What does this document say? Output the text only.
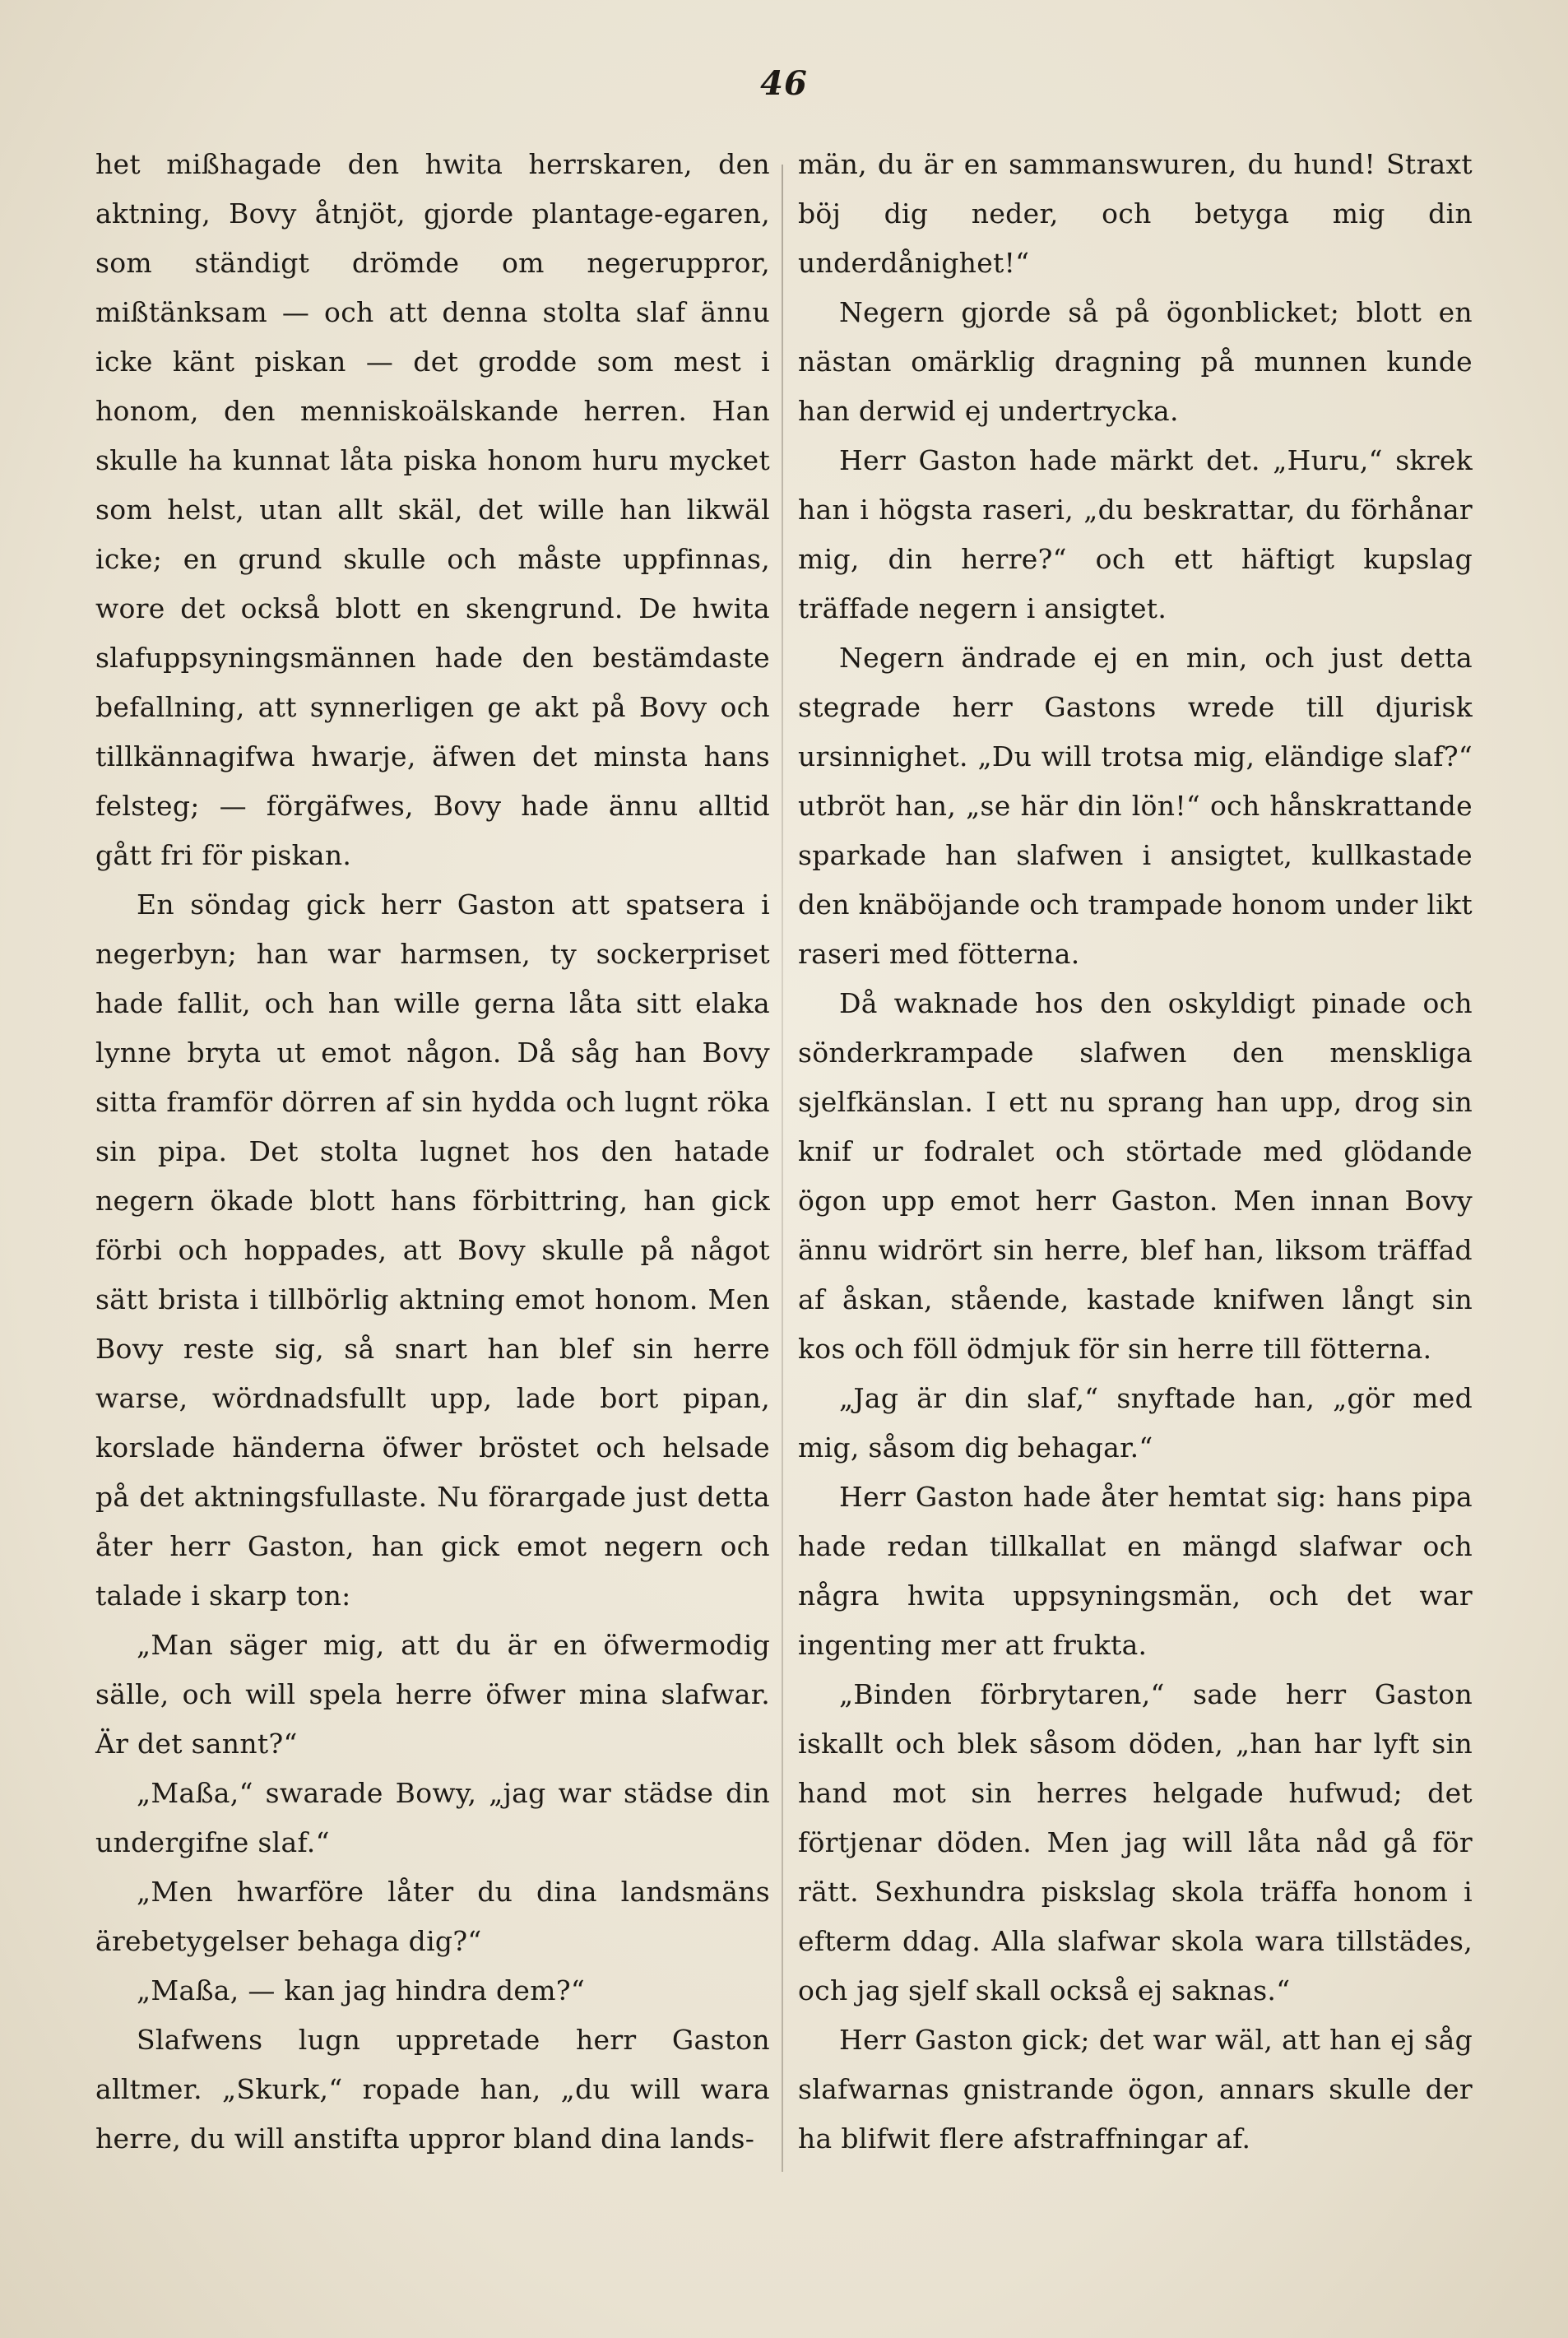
46

het mißhagade den hwita herrskaren, den aktning, Bovy åtnjöt, gjorde plantage-egaren, som ständigt drömde om negeruppror, mißtänksam — och att denna stolta slaf ännu icke känt piskan — det grodde som mest i honom, den menniskoälskande herren. Han skulle ha kunnat låta piska honom huru mycket som helst, utan allt skäl, det wille han likwäl icke; en grund skulle och måste uppfinnas, wore det också blott en skengrund. De hwita slafuppsyningsmännen hade den bestämdaste befallning, att synnerligen ge akt på Bovy och tillkännagifwa hwarje, äfwen det minsta hans felsteg; — förgäfwes, Bovy hade ännu alltid gått fri för piskan.

En söndag gick herr Gaston att spatsera i negerbyn; han war harmsen, ty sockerpriset hade fallit, och han wille gerna låta sitt elaka lynne bryta ut emot någon. Då såg han Bovy sitta framför dörren af sin hydda och lugnt röka sin pipa. Det stolta lugnet hos den hatade negern ökade blott hans förbittring, han gick förbi och hoppades, att Bovy skulle på något sätt brista i tillbörlig aktning emot honom. Men Bovy reste sig, så snart han blef sin herre warse, wördnadsfullt upp, lade bort pipan, korslade händerna öfwer bröstet och helsade på det aktningsfullaste. Nu förargade just detta åter herr Gaston, han gick emot negern och talade i skarp ton:

„Man säger mig, att du är en öfwermodig sälle, och will spela herre öfwer mina slafwar. Är det sannt?“

„Maßa,“ swarade Bowy, „jag war städse din undergifne slaf.“

„Men hwarföre låter du dina landsmäns ärebetygelser behaga dig?“

„Maßa, — kan jag hindra dem?“

Slafwens lugn uppretade herr Gaston alltmer. „Skurk,“ ropade han, „du will wara herre, du will anstifta uppror bland dina lands-

män, du är en sammanswuren, du hund! Straxt böj dig neder, och betyga mig din underdånighet!“

Negern gjorde så på ögonblicket; blott en nästan omärklig dragning på munnen kunde han derwid ej undertrycka.

Herr Gaston hade märkt det. „Huru,“ skrek han i högsta raseri, „du beskrattar, du förhånar mig, din herre?“ och ett häftigt kupslag träffade negern i ansigtet.

Negern ändrade ej en min, och just detta stegrade herr Gastons wrede till djurisk ursinnighet. „Du will trotsa mig, eländige slaf?“ utbröt han, „se här din lön!“ och hånskrattande sparkade han slafwen i ansigtet, kullkastade den knäböjande och trampade honom under likt raseri med fötterna.

Då waknade hos den oskyldigt pinade och sönderkrampade slafwen den menskliga sjelfkänslan. I ett nu sprang han upp, drog sin knif ur fodralet och störtade med glödande ögon upp emot herr Gaston. Men innan Bovy ännu widrört sin herre, blef han, liksom träffad af åskan, stående, kastade knifwen långt sin kos och föll ödmjuk för sin herre till fötterna.

„Jag är din slaf,“ snyftade han, „gör med mig, såsom dig behagar.“

Herr Gaston hade åter hemtat sig: hans pipa hade redan tillkallat en mängd slafwar och några hwita uppsyningsmän, och det war ingenting mer att frukta.

„Binden förbrytaren,“ sade herr Gaston iskallt och blek såsom döden, „han har lyft sin hand mot sin herres helgade hufwud; det förtjenar döden. Men jag will låta nåd gå för rätt. Sexhundra piskslag skola träffa honom i efterm ddag. Alla slafwar skola wara tillstädes, och jag sjelf skall också ej saknas.“

Herr Gaston gick; det war wäl, att han ej såg slafwarnas gnistrande ögon, annars skulle der ha blifwit flere afstraffningar af.
